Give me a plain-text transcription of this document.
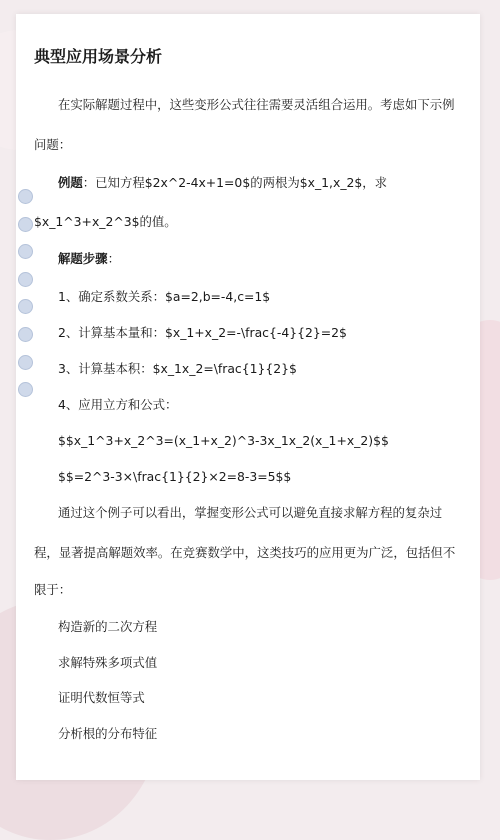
典型应用场景分析
在实际解题过程中，这些变形公式往往需要灵活组合运用。考虑如下示例
问题：
例题：已知方程$2x^2-4x+1=0$的两根为$x_1,x_2$，求
$x_1^3+x_2^3$的值。
解题步骤：
1、确定系数关系：$a=2,b=-4,c=1$
2、计算基本量和：$x_1+x_2=-\frac{-4}{2}=2$
3、计算基本积：$x_1x_2=\frac{1}{2}$
4、应用立方和公式：
$$x_1^3+x_2^3=(x_1+x_2)^3-3x_1x_2(x_1+x_2)$$
$$=2^3-3×\frac{1}{2}×2=8-3=5$$
通过这个例子可以看出，掌握变形公式可以避免直接求解方程的复杂过
程，显著提高解题效率。在竞赛数学中，这类技巧的应用更为广泛，包括但不
限于：
构造新的二次方程
求解特殊多项式值
证明代数恒等式
分析根的分布特征
